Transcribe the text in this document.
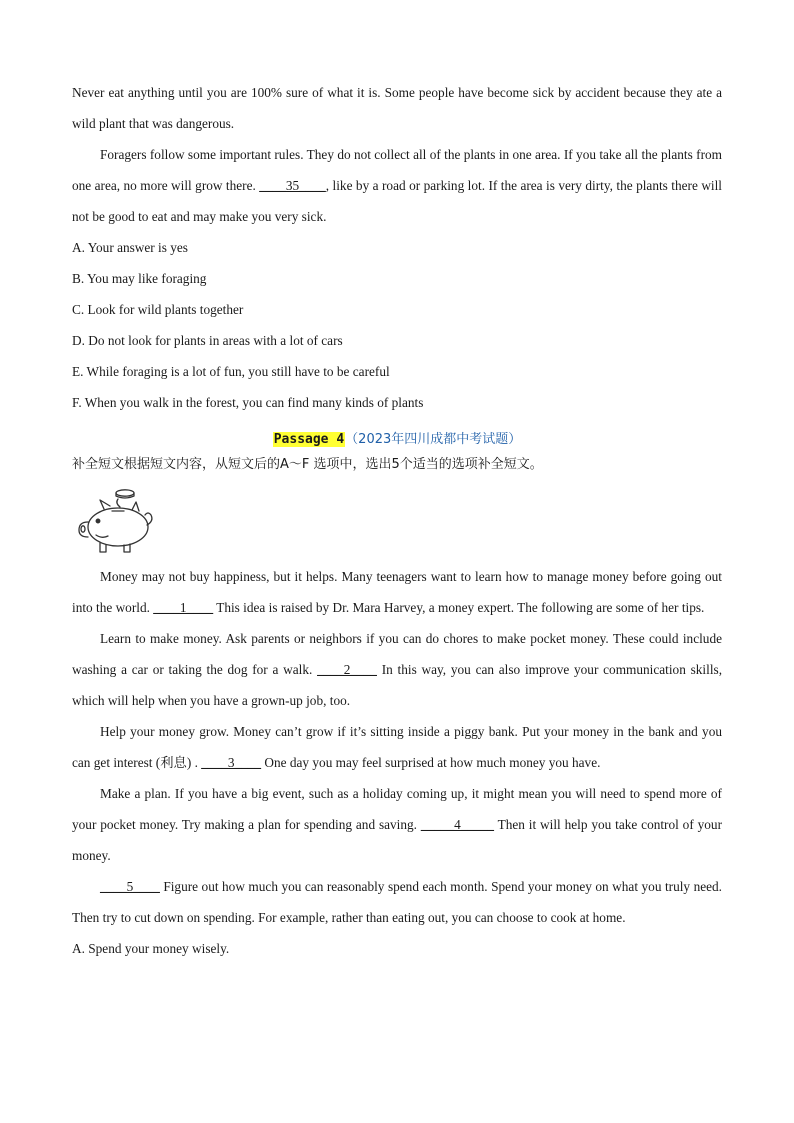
Never eat anything until you are 100% sure of what it is. Some people have become sick by accident because they ate a wild plant that was dangerous.

Foragers follow some important rules. They do not collect all of the plants in one area. If you take all the plants from one area, no more will grow there. ____35____, like by a road or parking lot. If the area is very dirty, the plants there will not be good to eat and may make you very sick.

A. Your answer is yes

B. You may like foraging

C. Look for wild plants together

D. Do not look for plants in areas with a lot of cars

E. While foraging is a lot of fun, you still have to be careful

F. When you walk in the forest, you can find many kinds of plants

Passage 4（2023年四川成都中考试题）

补全短文根据短文内容，从短文后的A～F 选项中，选出5个适当的选项补全短文。

Money may not buy happiness, but it helps. Many teenagers want to learn how to manage money before going out into the world. ____1____ This idea is raised by Dr. Mara Harvey, a money expert. The following are some of her tips.

Learn to make money. Ask parents or neighbors if you can do chores to make pocket money. These could include washing a car or taking the dog for a walk. ____2____ In this way, you can also improve your communication skills, which will help when you have a grown-up job, too.

Help your money grow. Money can’t grow if it’s sitting inside a piggy bank. Put your money in the bank and you can get interest (利息) . ____3____ One day you may feel surprised at how much money you have.

Make a plan. If you have a big event, such as a holiday coming up, it might mean you will need to spend more of your pocket money. Try making a plan for spending and saving. _____4_____ Then it will help you take control of your money.

____5____ Figure out how much you can reasonably spend each month. Spend your money on what you truly need. Then try to cut down on spending. For example, rather than eating out, you can choose to cook at home.

A. Spend your money wisely.
